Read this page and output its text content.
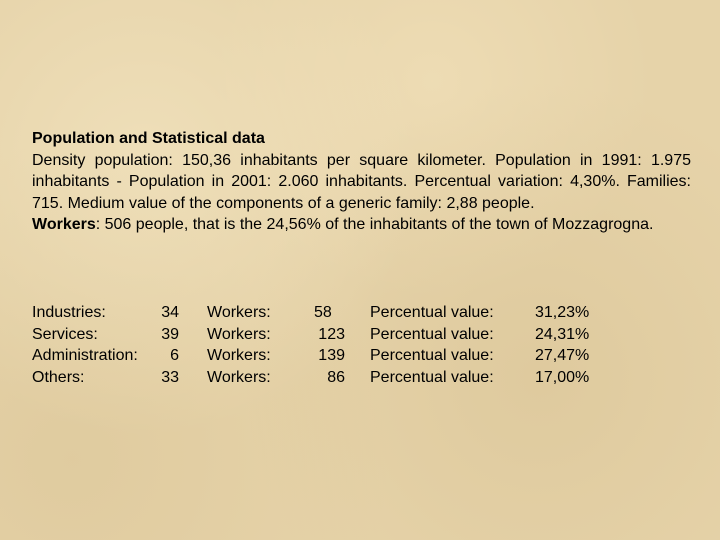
Population and Statistical data
Density population: 150,36 inhabitants per square kilometer. Population in 1991: 1.975 inhabitants - Population in 2001: 2.060 inhabitants. Percentual variation: 4,30%. Families: 715. Medium value of the components of a generic family: 2,88 people.
Workers: 506 people, that is the 24,56% of the inhabitants of the town of Mozzagrogna.
Industries:	34 Workers:	58	Percentual value:	31,23%
Services:	39 Workers:	123 Percentual value:	24,31%
Administration:	6 Workers:	139 Percentual value:	27,47%
Others:	33 Workers:	86 Percentual value:	17,00%
